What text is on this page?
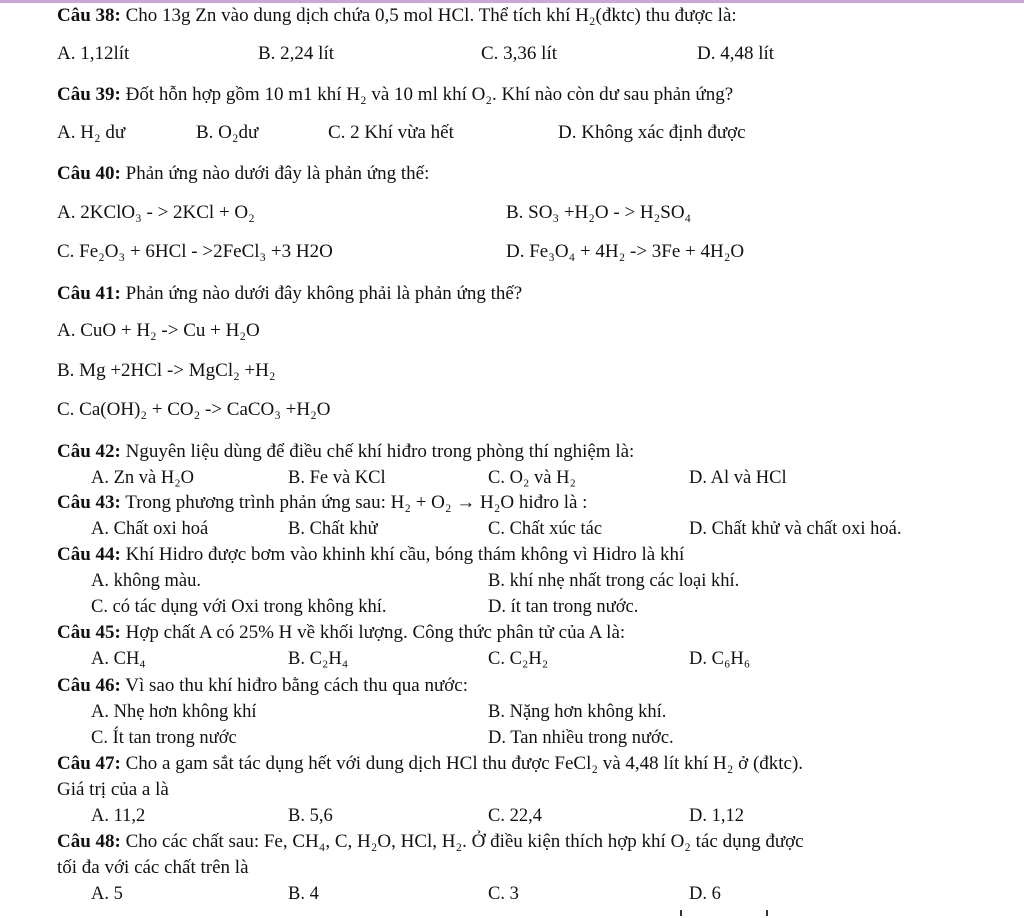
Câu 38: Cho 13g Zn vào dung dịch chứa 0,5 mol HCl. Thể tích khí H₂(đktc) thu được là:
A. 1,12lít	B. 2,24 lít	C. 3,36 lít	D. 4,48 lít
Câu 39: Đốt hỗn hợp gồm 10 m1 khí H₂ và 10 ml khí O₂. Khí nào còn dư sau phản ứng?
A. H₂ dư	B. O₂dư	C. 2 Khí vừa hết	D. Không xác định được
Câu 40: Phản ứng nào dưới đây là phản ứng thế:
A. 2KClO₃ - > 2KCl + O₂	B. SO₃ +H₂O - > H₂SO₄
C. Fe₂O₃ + 6HCl - >2FeCl₃ +3 H2O	D. Fe₃O₄ + 4H₂ -> 3Fe + 4H₂O
Câu 41: Phản ứng nào dưới đây không phải là phản ứng thế?
A. CuO + H₂ -> Cu + H₂O
B. Mg +2HCl -> MgCl₂ +H₂
C. Ca(OH)₂ + CO₂ -> CaCO₃ +H₂O
Câu 42: Nguyên liệu dùng để điều chế khí hiđro trong phòng thí nghiệm là:
A. Zn và H₂O	B. Fe và KCl	C. O₂ và H₂	D. Al và HCl
Câu 43: Trong phương trình phản ứng sau: H₂ + O₂ → H₂O hiđro là :
A. Chất oxi hoá	B. Chất khử	C. Chất xúc tác	D. Chất khử và chất oxi hoá.
Câu 44: Khí Hidro được bơm vào khinh khí cầu, bóng thám không vì Hidro là khí
A. không màu.	B. khí nhẹ nhất trong các loại khí.
C. có tác dụng với Oxi trong không khí.	D. ít tan trong nước.
Câu 45: Hợp chất A có 25% H về khối lượng. Công thức phân tử của A là:
A. CH₄	B. C₂H₄	C. C₂H₂	D. C₆H₆
Câu 46: Vì sao thu khí hiđro bằng cách thu qua nước:
A. Nhẹ hơn không khí	B. Nặng hơn không khí.
C. Ít tan trong nước	D. Tan nhiều trong nước.
Câu 47: Cho a gam sắt tác dụng hết với dung dịch HCl thu được FeCl₂ và 4,48 lít khí H₂ ở (đktc).
Giá trị của a là
A. 11,2	B. 5,6	C. 22,4	D. 1,12
Câu 48: Cho các chất sau: Fe, CH₄, C, H₂O, HCl, H₂. Ở điều kiện thích hợp khí O₂ tác dụng được
tối đa với các chất trên là
A. 5	B. 4	C. 3	D. 6
